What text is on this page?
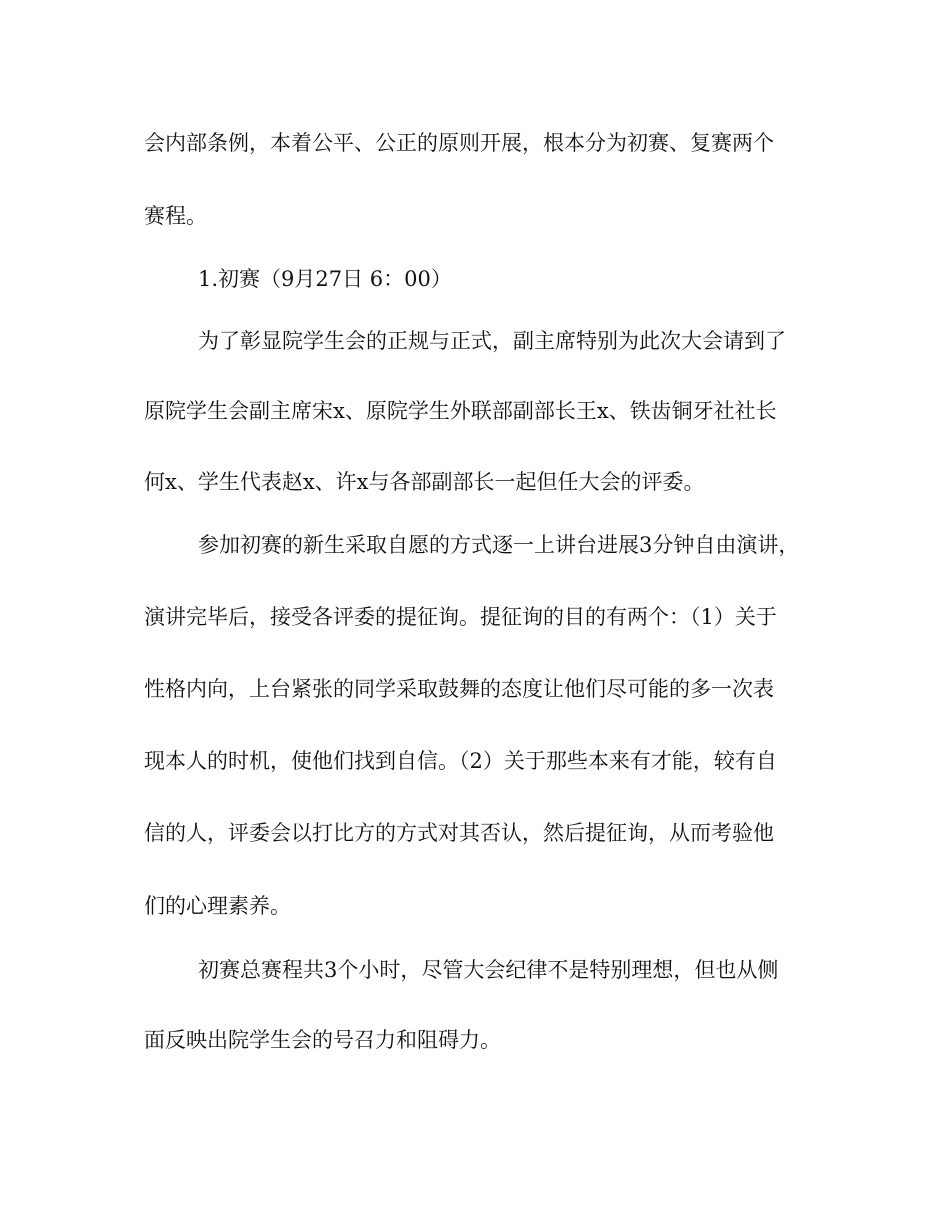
会内部条例，本着公平、公正的原则开展，根本分为初赛、复赛两个

赛程。

1.初赛（9月27日 6：00）

为了彰显院学生会的正规与正式，副主席特别为此次大会请到了

原院学生会副主席宋x、原院学生外联部副部长王x、铁齿铜牙社社长

何x、学生代表赵x、许x与各部副部长一起但任大会的评委。

参加初赛的新生采取自愿的方式逐一上讲台进展3分钟自由演讲，

演讲完毕后，接受各评委的提征询。提征询的目的有两个：（1）关于

性格内向，上台紧张的同学采取鼓舞的态度让他们尽可能的多一次表

现本人的时机，使他们找到自信。（2）关于那些本来有才能，较有自

信的人，评委会以打比方的方式对其否认，然后提征询，从而考验他

们的心理素养。

初赛总赛程共3个小时，尽管大会纪律不是特别理想，但也从侧

面反映出院学生会的号召力和阻碍力。
